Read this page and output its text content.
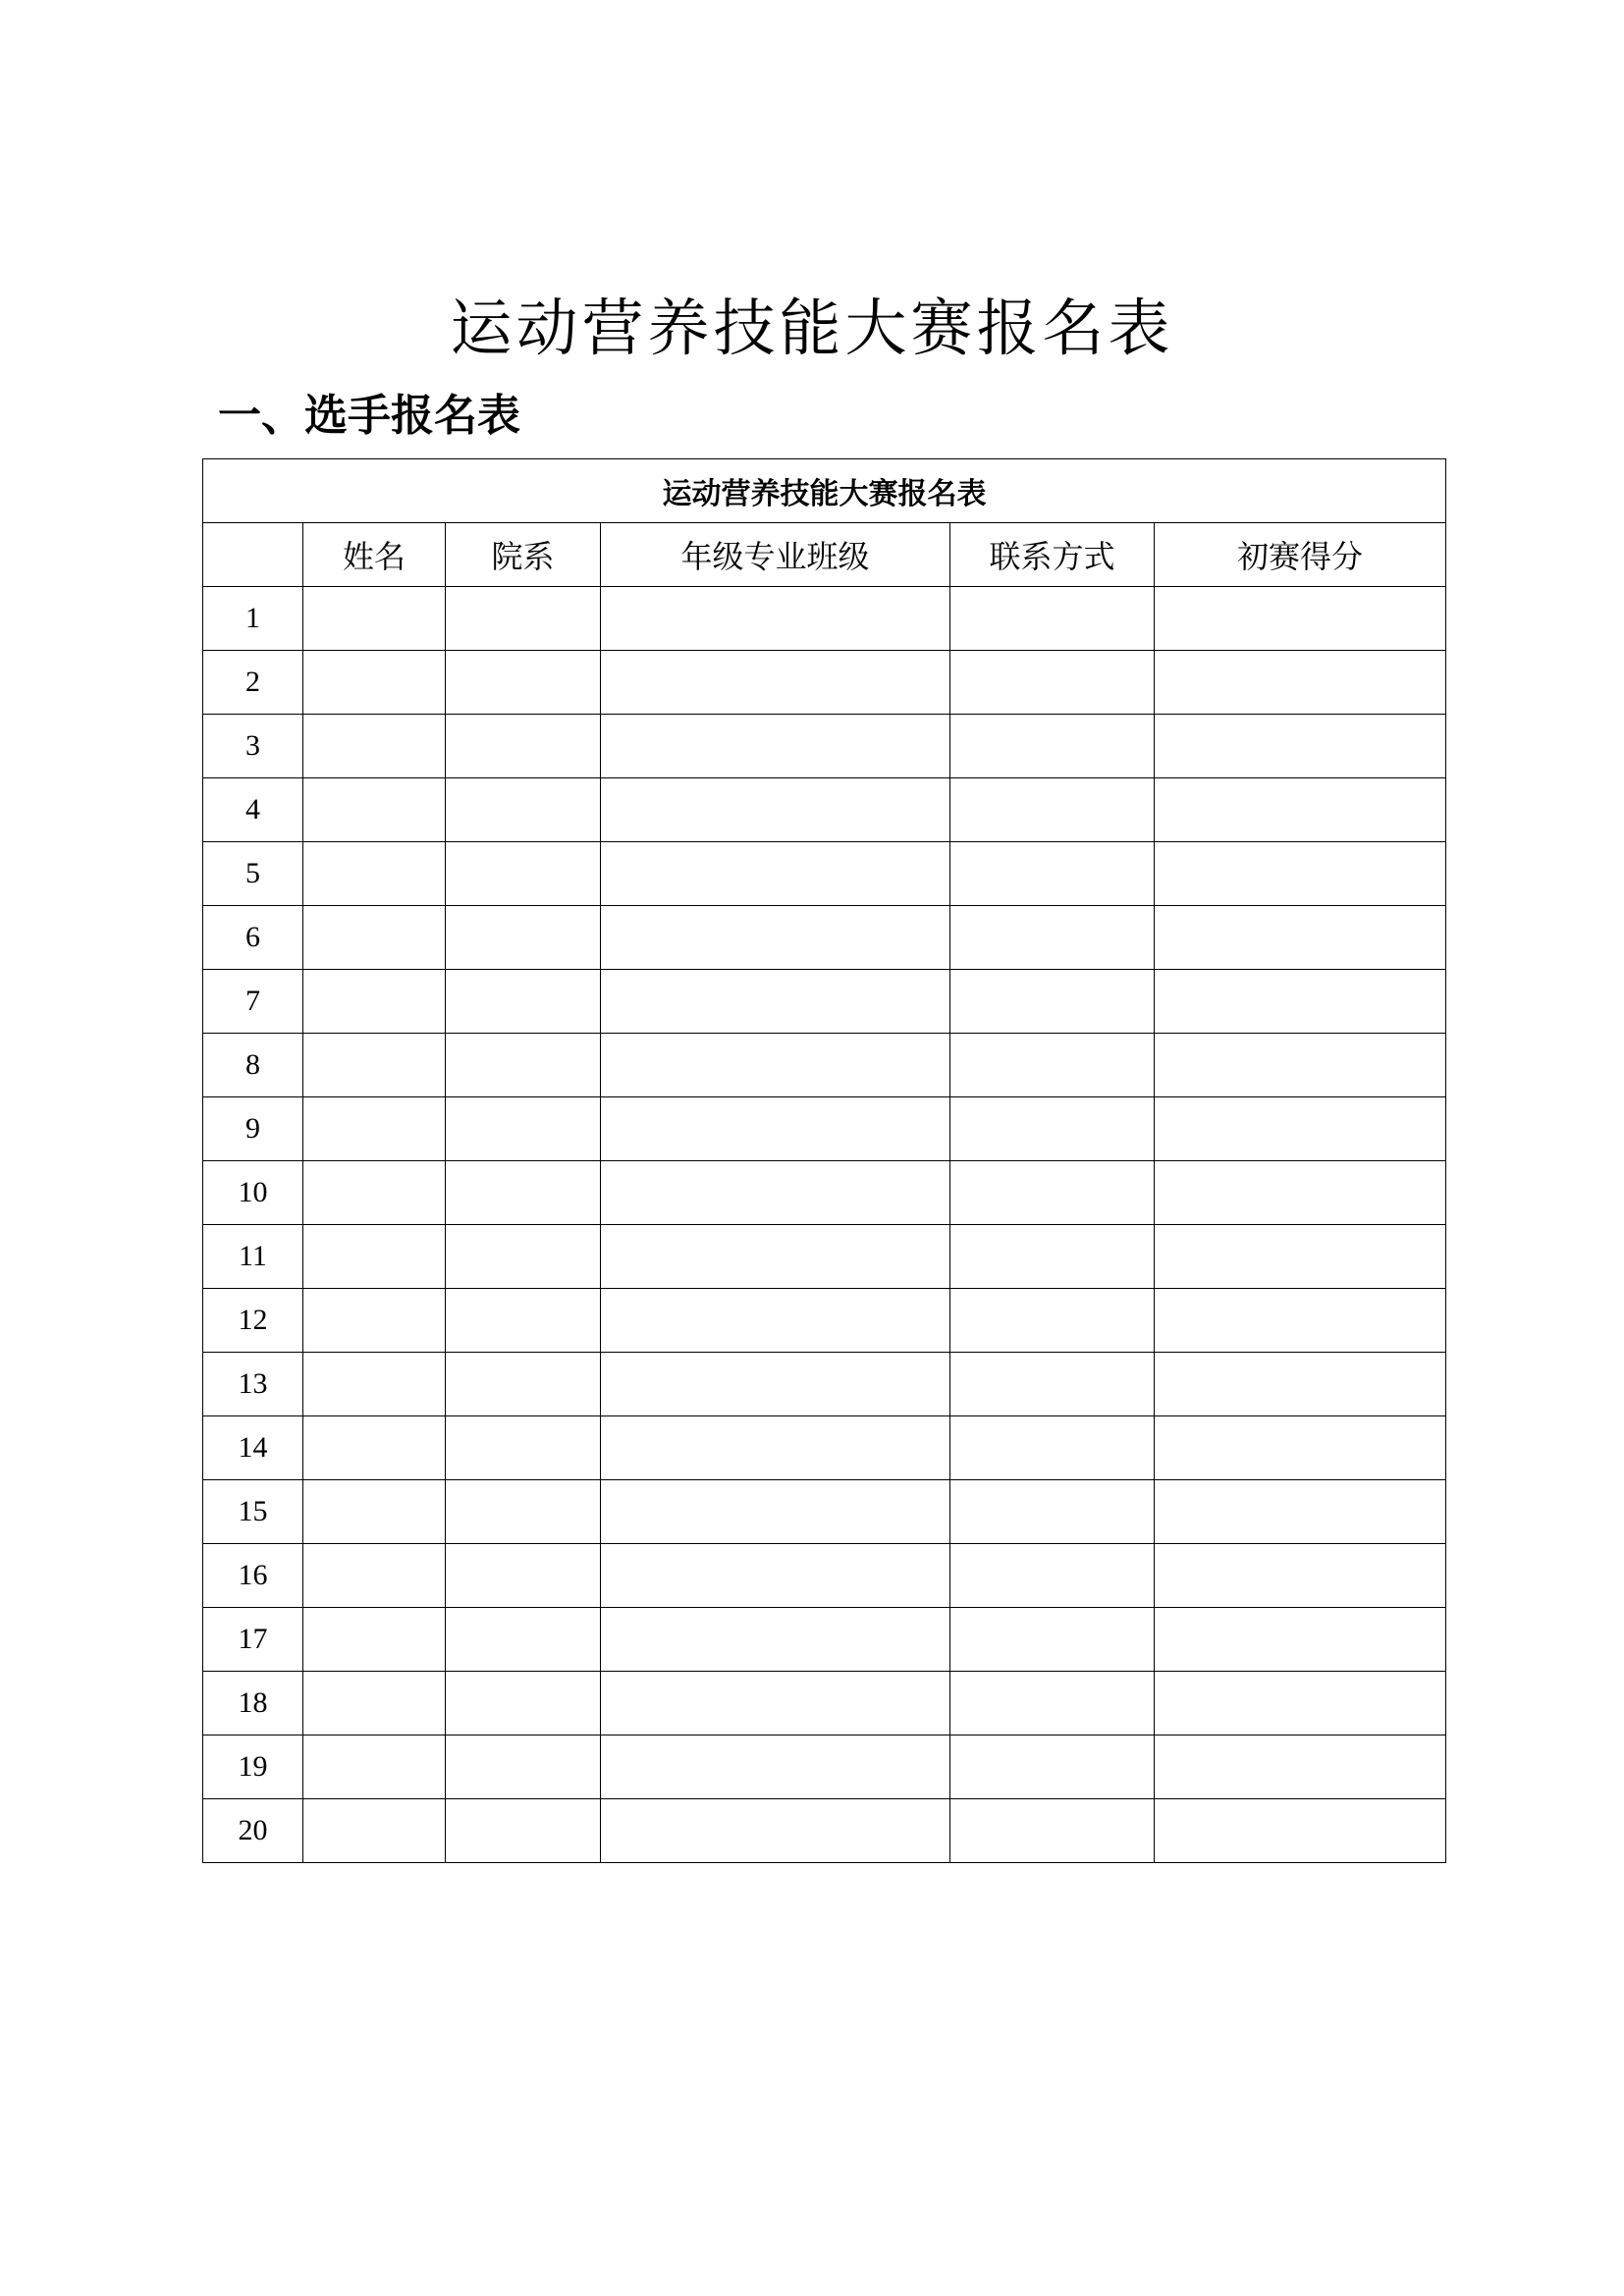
运动营养技能大赛报名表
一、选手报名表
运动营养技能大赛报名表					
	姓名	院系	年级专业班级	联系方式	初赛得分
1					
2					
3					
4					
5					
6					
7					
8					
9					
10					
11					
12					
13					
14					
15					
16					
17					
18					
19					
20					
